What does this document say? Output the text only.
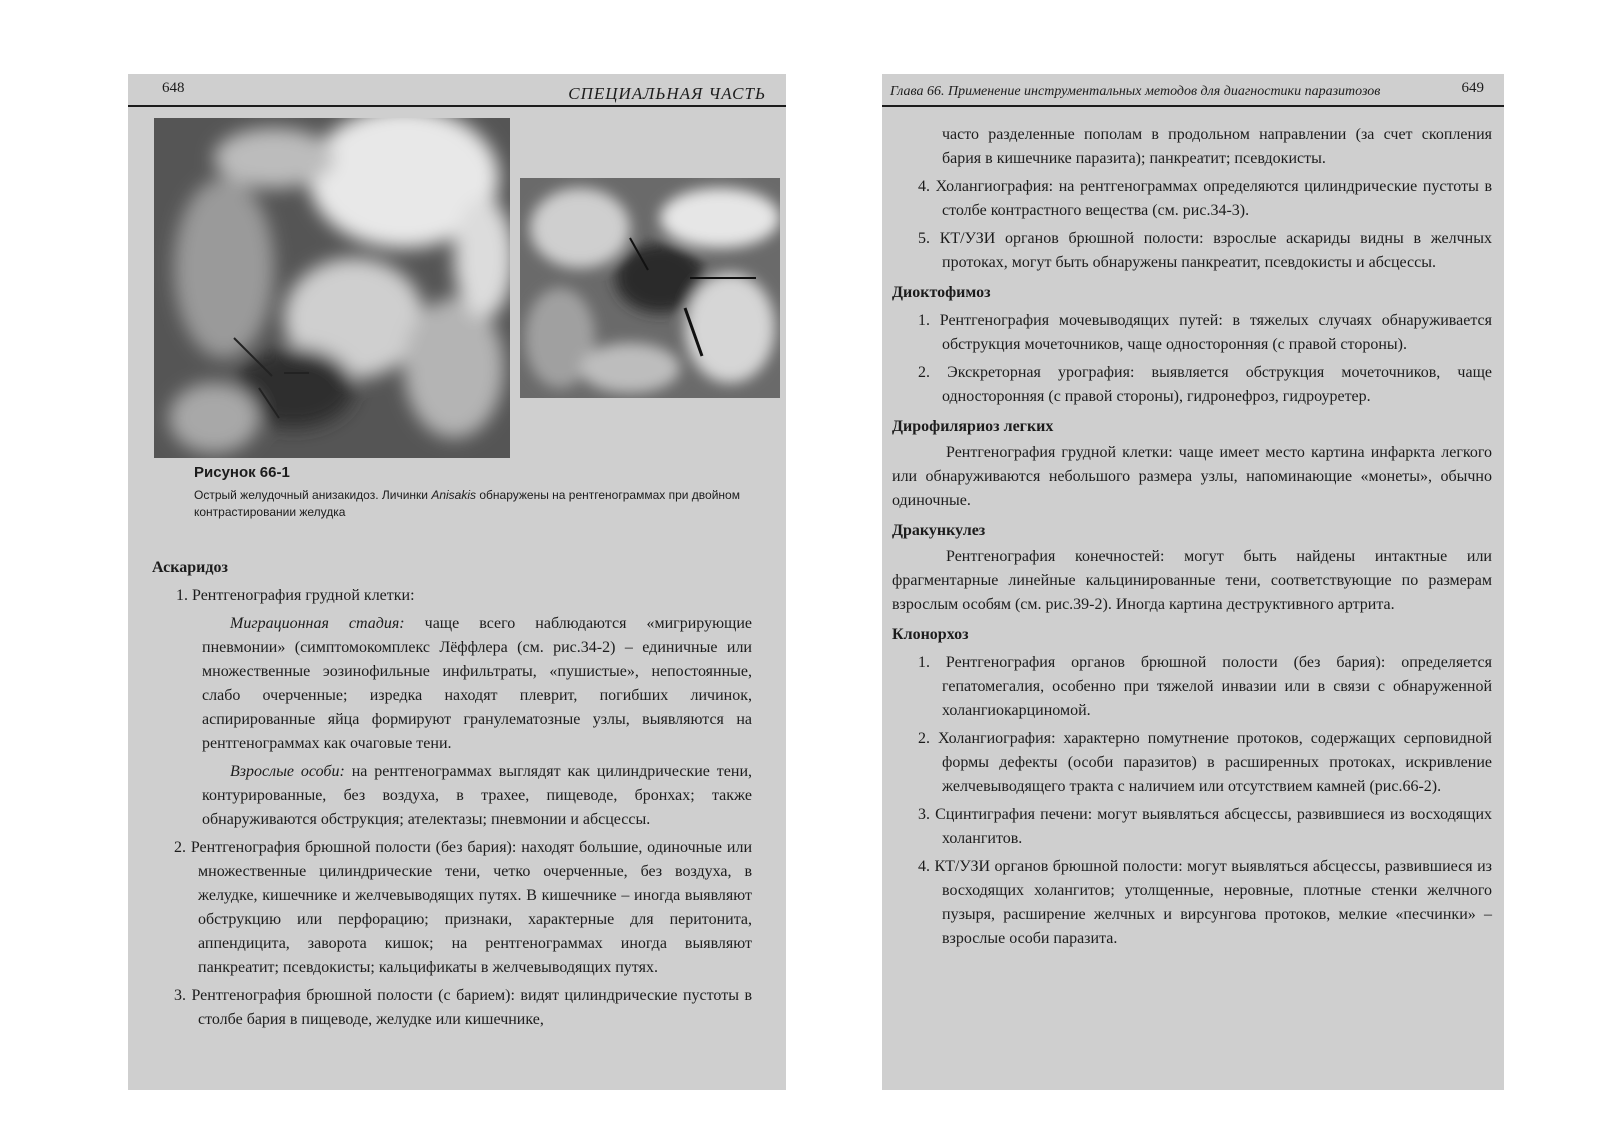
648	СПЕЦИАЛЬНАЯ ЧАСТЬ
Рисунок 66-1
Острый желудочный анизакидоз. Личинки Anisakis обнаружены на рентгенограммах при двойном контрастировании желудка

Аскаридоз

1. Рентгенография грудной клетки:

Миграционная стадия: чаще всего наблюдаются «мигрирующие пневмонии» (симптомокомплекс Лёффлера (см. рис.34-2) – единичные или множественные эозинофильные инфильтраты, «пушистые», непостоянные, слабо очерченные; изредка находят плеврит, погибших личинок, аспирированные яйца формируют гранулематозные узлы, выявляются на рентгенограммах как очаговые тени.

Взрослые особи: на рентгенограммах выглядят как цилиндрические тени, контурированные, без воздуха, в трахее, пищеводе, бронхах; также обнаруживаются обструкция; ателектазы; пневмонии и абсцессы.

2. Рентгенография брюшной полости (без бария): находят большие, одиночные или множественные цилиндрические тени, четко очерченные, без воздуха, в желудке, кишечнике и желчевыводящих путях. В кишечнике – иногда выявляют обструкцию или перфорацию; признаки, характерные для перитонита, аппендицита, заворота кишок; на рентгенограммах иногда выявляют панкреатит; псевдокисты; кальцификаты в желчевыводящих путях.

3. Рентгенография брюшной полости (с барием): видят цилиндрические пустоты в столбе бария в пищеводе, желудке или кишечнике,

Глава 66. Применение инструментальных методов для диагностики паразитозов	649

часто разделенные пополам в продольном направлении (за счет скопления бария в кишечнике паразита); панкреатит; псевдокисты.

4. Холангиография: на рентгенограммах определяются цилиндрические пустоты в столбе контрастного вещества (см. рис.34-3).

5. КТ/УЗИ органов брюшной полости: взрослые аскариды видны в желчных протоках, могут быть обнаружены панкреатит, псевдокисты и абсцессы.

Диоктофимоз

1. Рентгенография мочевыводящих путей: в тяжелых случаях обнаруживается обструкция мочеточников, чаще односторонняя (с правой стороны).

2. Экскреторная урография: выявляется обструкция мочеточников, чаще односторонняя (с правой стороны), гидронефроз, гидроуретер.

Дирофиляриоз легких

Рентгенография грудной клетки: чаще имеет место картина инфаркта легкого или обнаруживаются небольшого размера узлы, напоминающие «монеты», обычно одиночные.

Дракункулез

Рентгенография конечностей: могут быть найдены интактные или фрагментарные линейные кальцинированные тени, соответствующие по размерам взрослым особям (см. рис.39-2). Иногда картина деструктивного артрита.

Клонорхоз

1. Рентгенография органов брюшной полости (без бария): определяется гепатомегалия, особенно при тяжелой инвазии или в связи с обнаруженной холангиокарциномой.

2. Холангиография: характерно помутнение протоков, содержащих серповидной формы дефекты (особи паразитов) в расширенных протоках, искривление желчевыводящего тракта с наличием или отсутствием камней (рис.66-2).

3. Сцинтиграфия печени: могут выявляться абсцессы, развившиеся из восходящих холангитов.

4. КТ/УЗИ органов брюшной полости: могут выявляться абсцессы, развившиеся из восходящих холангитов; утолщенные, неровные, плотные стенки желчного пузыря, расширение желчных и вирсунгова протоков, мелкие «песчинки» – взрослые особи паразита.
